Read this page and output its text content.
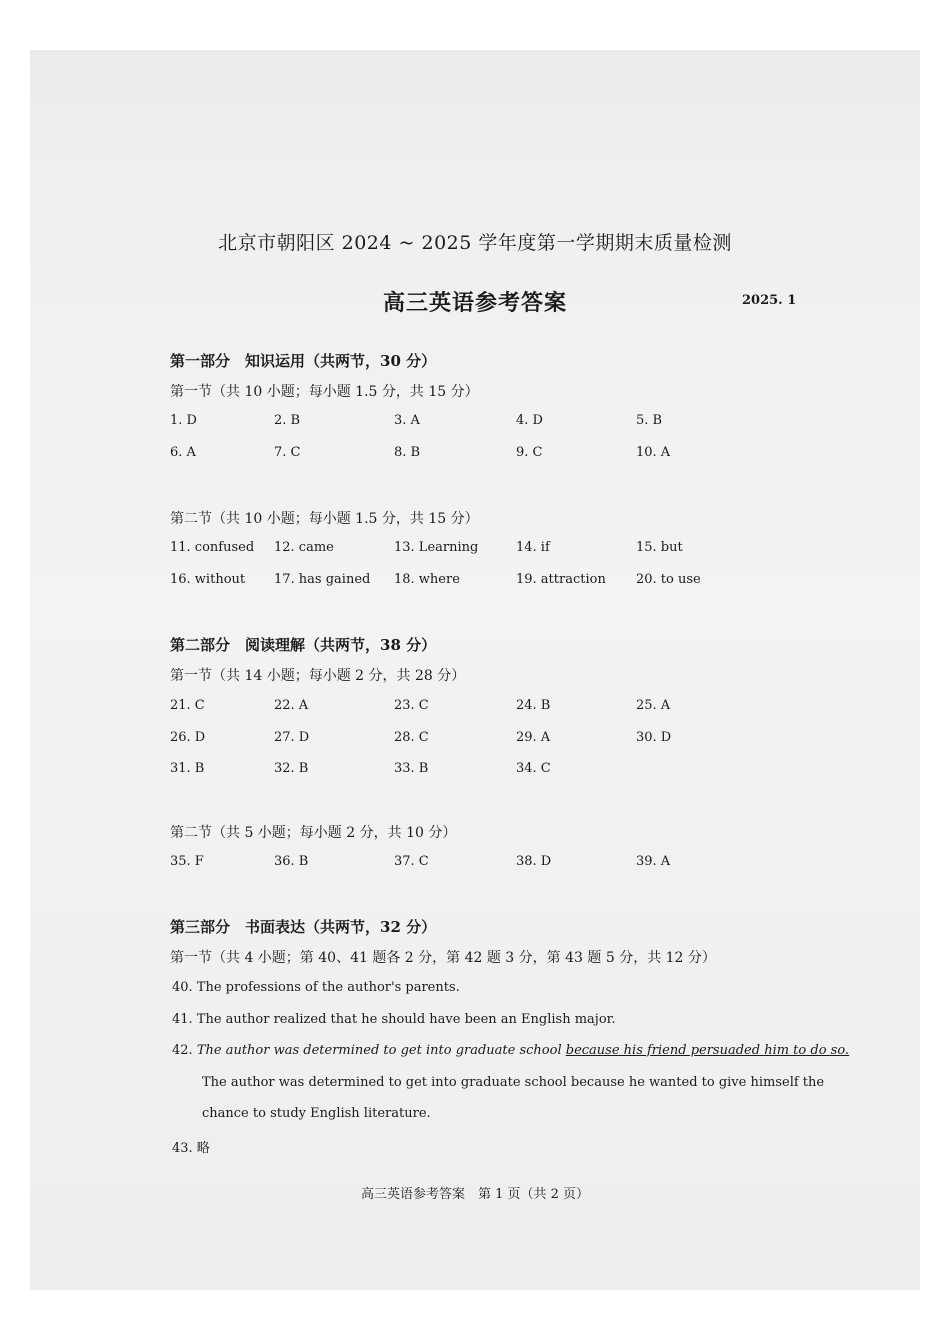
北京市朝阳区 2024 ~ 2025 学年度第一学期期末质量检测
高三英语参考答案	2025. 1
第一部分　知识运用（共两节，30 分）
第一节（共 10 小题；每小题 1.5 分，共 15 分）
1. D	2. B	3. A	4. D	5. B
6. A	7. C	8. B	9. C	10. A
第二节（共 10 小题；每小题 1.5 分，共 15 分）
11. confused 12. came	13. Learning	14. if	15. but
16. without 17. has gained 18. where	19. attraction 20. to use
第二部分　阅读理解（共两节，38 分）
第一节（共 14 小题；每小题 2 分，共 28 分）
21. C	22. A	23. C	24. B	25. A
26. D	27. D	28. C	29. A	30. D
31. B	32. B	33. B	34. C
第二节（共 5 小题；每小题 2 分，共 10 分）
35. F	36. B	37. C	38. D	39. A
第三部分　书面表达（共两节，32 分）
第一节（共 4 小题；第 40、41 题各 2 分，第 42 题 3 分，第 43 题 5 分，共 12 分）
40. The professions of the author's parents.
41. The author realized that he should have been an English major.
42. The author was determined to get into graduate school because his friend persuaded him to do so.
The author was determined to get into graduate school because he wanted to give himself the
chance to study English literature.
43. 略
高三英语参考答案　第 1 页（共 2 页）
